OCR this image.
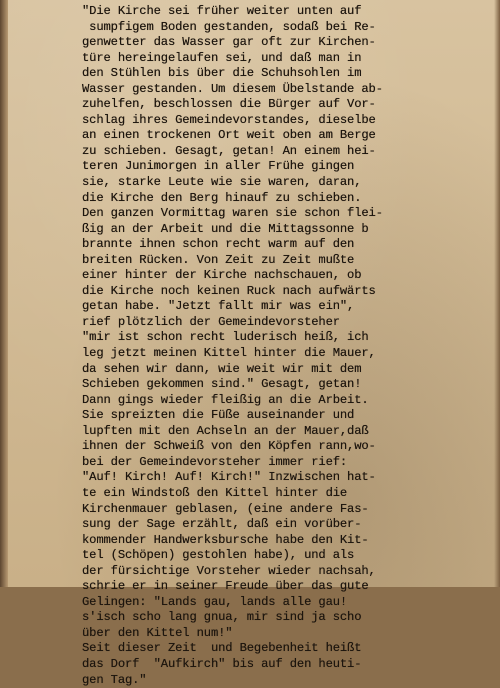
"Die Kirche sei früher weiter unten auf
sumpfigem Boden gestanden, sodaß bei Re-
genwetter das Wasser gar oft zur Kirchen-
türe hereingelaufen sei, und daß man in
den Stühlen bis über die Schuhsohlen im
Wasser gestanden. Um diesem Übelstande ab-
zuhelfen, beschlossen die Bürger auf Vor-
schlag ihres Gemeindevorstandes, dieselbe
an einen trockenen Ort weit oben am Berge
zu schieben. Gesagt, getan! An einem hei-
teren Junimorgen in aller Frühe gingen
sie, starke Leute wie sie waren, daran,
die Kirche den Berg hinauf zu schieben.
Den ganzen Vormittag waren sie schon flei-
ßig an der Arbeit und die Mittagssonne b
brannte ihnen schon recht warm auf den
breiten Rücken. Von Zeit zu Zeit mußte
einer hinter der Kirche nachschauen, ob
die Kirche noch keinen Ruck nach aufwärts
getan habe. "Jetzt fallt mir was ein",
rief plötzlich der Gemeindevorsteher
"mir ist schon recht luderisch heiß, ich
leg jetzt meinen Kittel hinter die Mauer,
da sehen wir dann, wie weit wir mit dem
Schieben gekommen sind." Gesagt, getan!
Dann gings wieder fleißig an die Arbeit.
Sie spreizten die Füße auseinander und
lupften mit den Achseln an der Mauer,daß
ihnen der Schweiß von den Köpfen rann,wo-
bei der Gemeindevorsteher immer rief:
"Auf! Kirch! Auf! Kirch!" Inzwischen hat-
te ein Windstoß den Kittel hinter die
Kirchenmauer geblasen, (eine andere Fas-
sung der Sage erzählt, daß ein vorüber-
kommender Handwerksbursche habe den Kit-
tel (Schöpen) gestohlen habe), und als
der fürsichtige Vorsteher wieder nachsah,
schrie er in seiner Freude über das gute
Gelingen: "Lands gau, lands alle gau!
s'isch scho lang gnua, mir sind ja scho
über den Kittel num!"
Seit dieser Zeit  und Begebenheit heißt
das Dorf  "Aufkirch" bis auf den heuti-
gen Tag."
